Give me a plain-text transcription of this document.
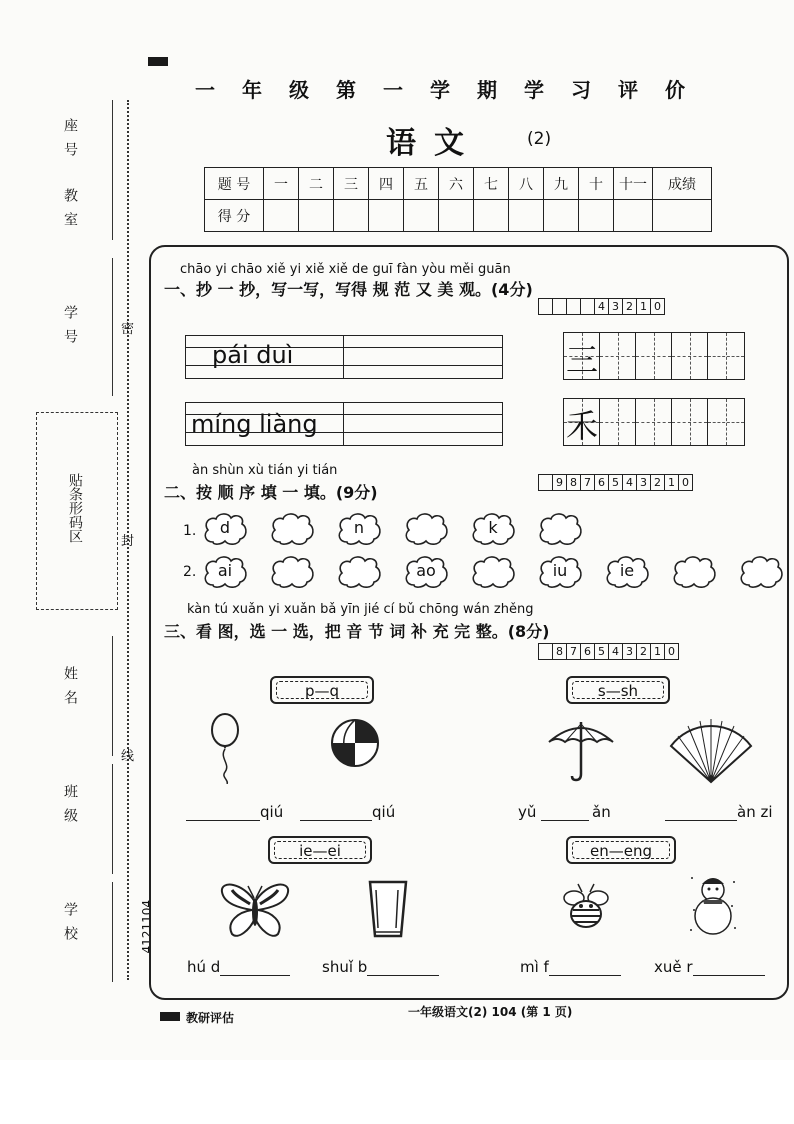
座号
教室
学号
姓名
班级
学校
贴条形码区
密
封
线
4121104
一年级第一学期学习评价
语文	(2)
题 号	一	二	三	四	五	六	七	八	九	十	十一	成绩
得 分												
chāo yi chāo xiě yi xiě xiě de guī fàn yòu měi guān
一、抄 一 抄，写一写，写得 规 范 又 美 观。(4分)
4 3 2 1 0
pái duì
míng liàng
三
禾
àn shùn xù tián yi tián
二、按 顺 序 填 一 填。(9分)
9 8 7 6 5 4 3 2 1 0
1.
2.
d	n	k
ai	ao	iu	ie
kàn tú xuǎn yi xuǎn bǎ yīn jié cí bǔ chōng wán zhěng
三、看 图，选 一 选，把 音 节 词 补 充 完 整。(8分)
8 7 6 5 4 3 2 1 0
p—q	s—sh
ie—ei	en—eng
qiú	qiú	yǔ	ǎn	àn zi
hú d	shuǐ b	mì f	xuě r
教研评估	一年级语文(2) 104 (第 1 页)
